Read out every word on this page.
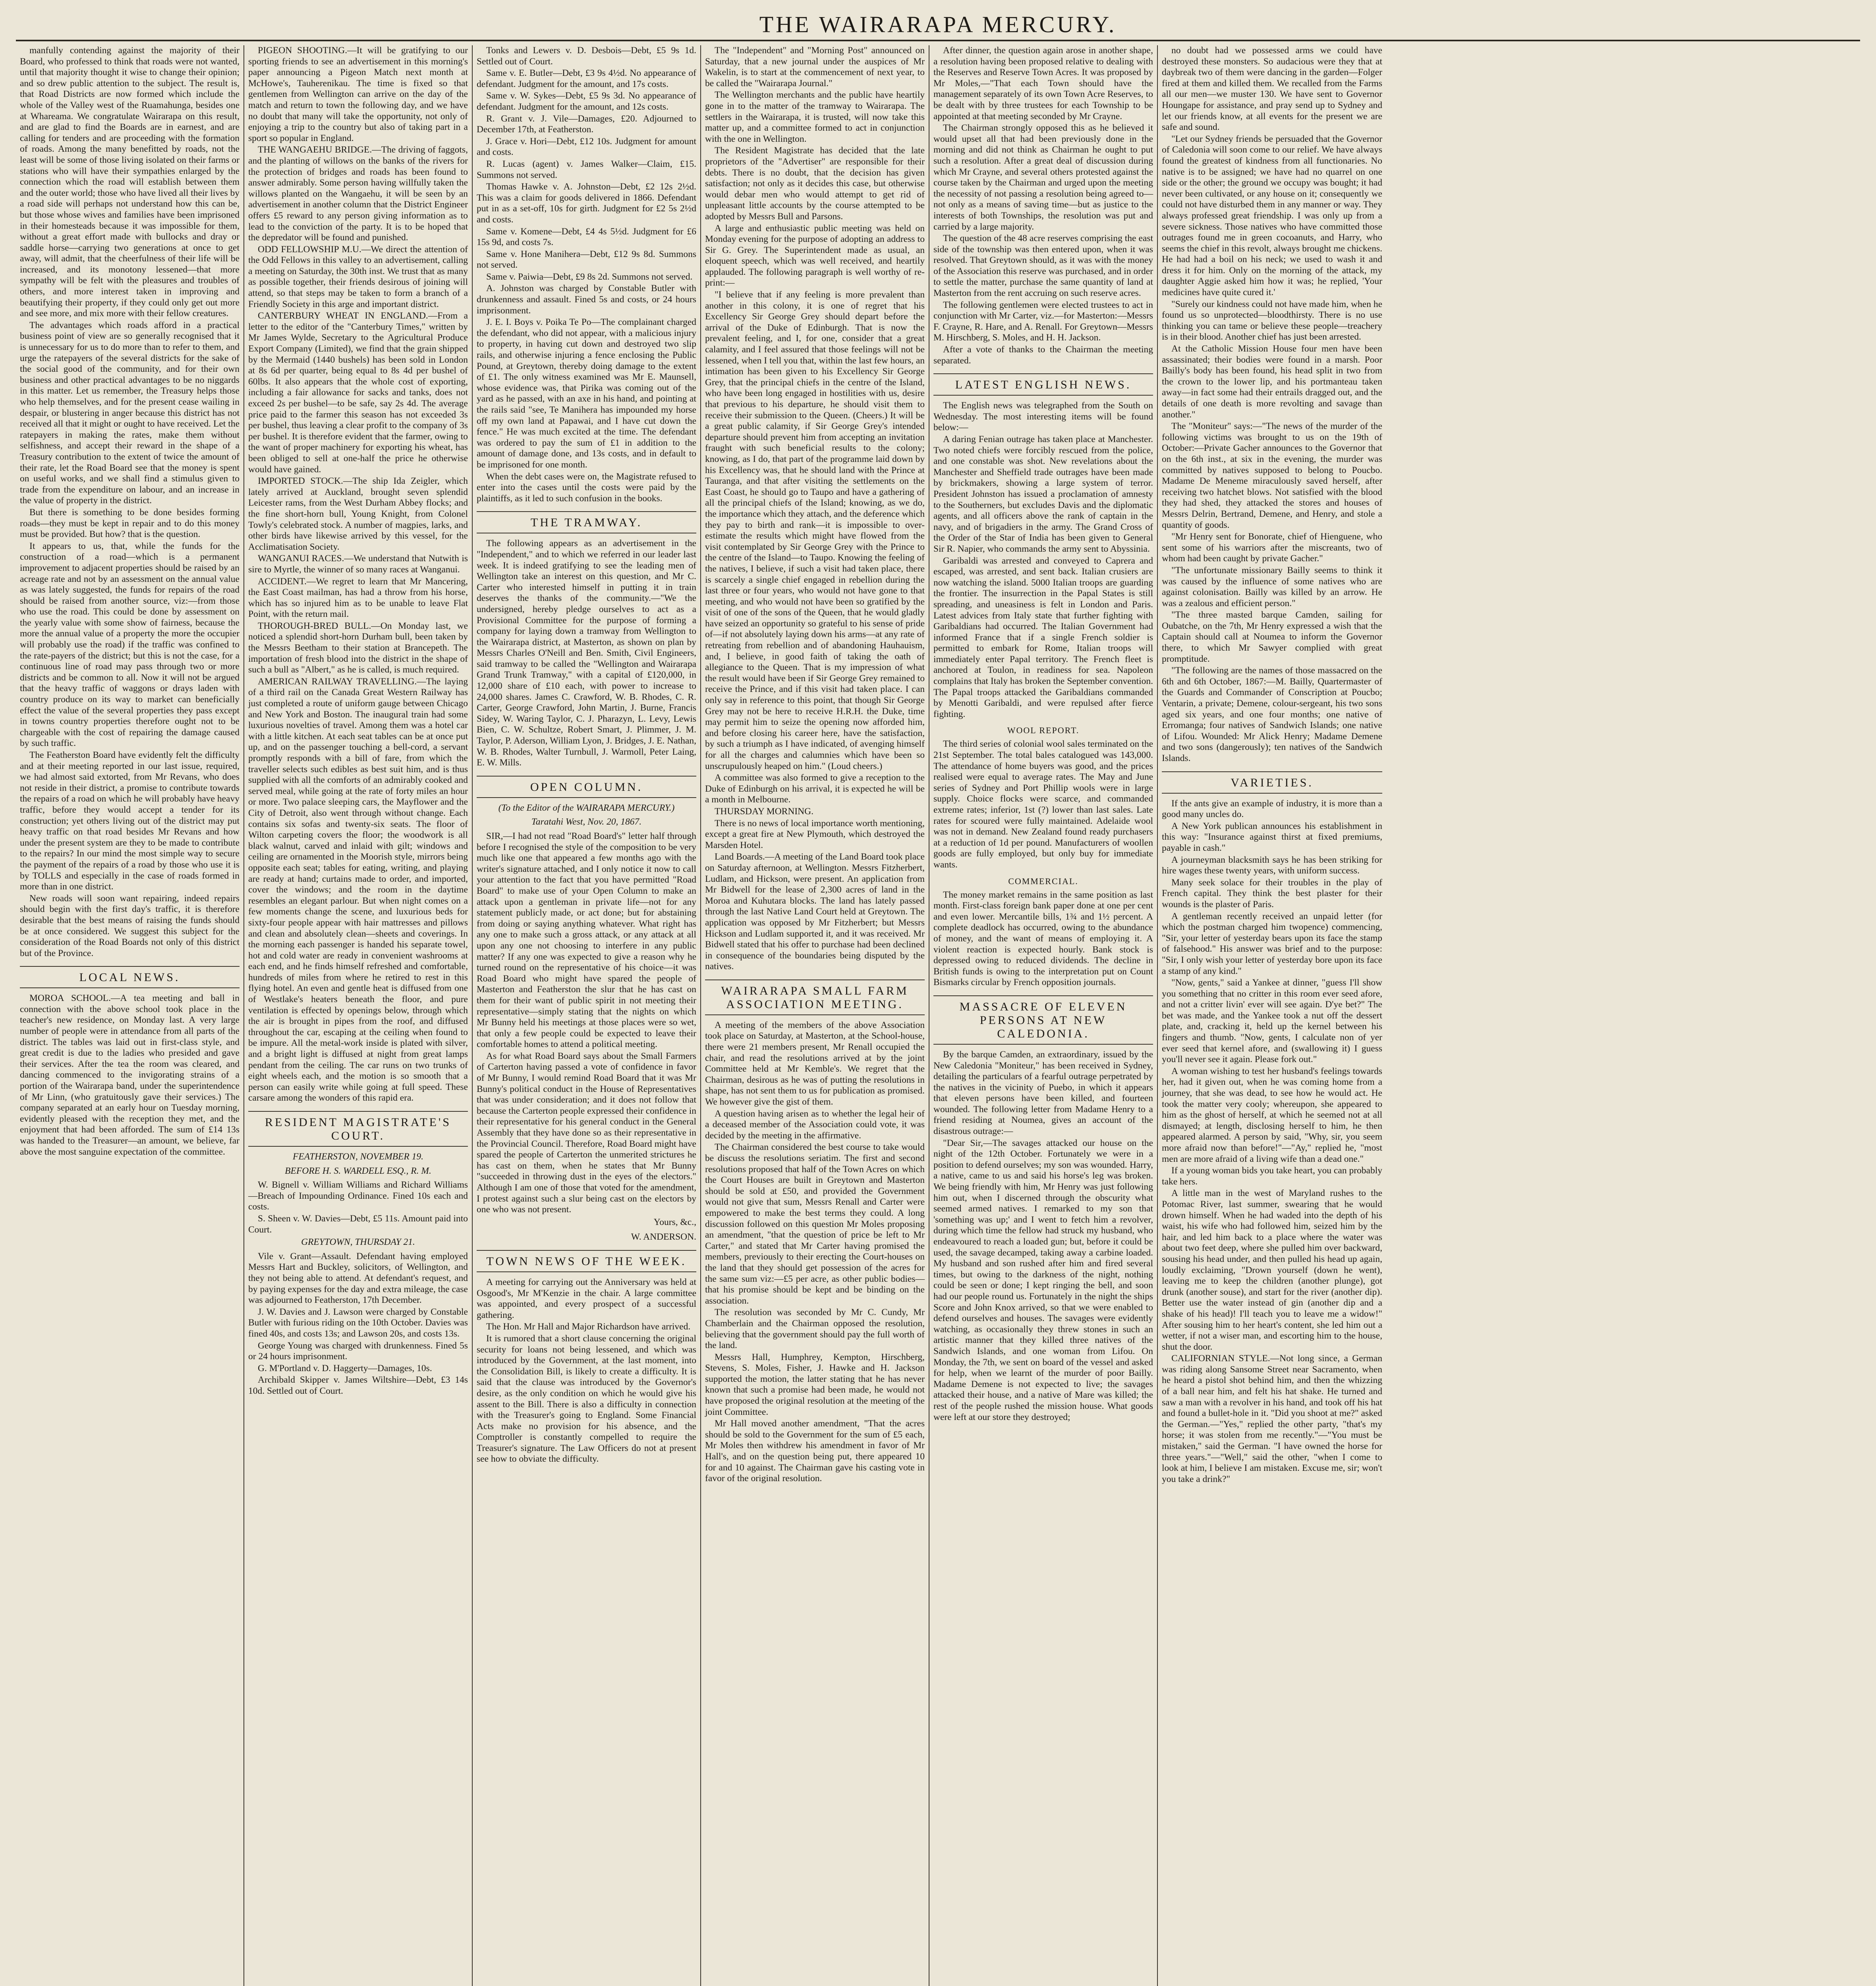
THE WAIRARAPA MERCURY.

manfully contending against the majority of their Board, who professed to think that roads were not wanted, until that majority thought it wise to change their opinion; and so drew public attention to the subject. The result is, that Road Districts are now formed which include the whole of the Valley west of the Ruamahunga, besides one at Whareama. We congratulate Wairarapa on this result, and are glad to find the Boards are in earnest, and are calling for tenders and are proceeding with the formation of roads. Among the many benefitted by roads, not the least will be some of those living isolated on their farms or stations who will have their sympathies enlarged by the connection which the road will establish between them and the outer world; those who have lived all their lives by a road side will perhaps not understand how this can be, but those whose wives and families have been imprisoned in their homesteads because it was impossible for them, without a great effort made with bullocks and dray or saddle horse—carrying two generations at once to get away, will admit, that the cheerfulness of their life will be increased, and its monotony lessened—that more sympathy will be felt with the pleasures and troubles of others, and more interest taken in improving and beautifying their property, if they could only get out more and see more, and mix more with their fellow creatures.

The advantages which roads afford in a practical business point of view are so generally recognised that it is unnecessary for us to do more than to refer to them, and urge the ratepayers of the several districts for the sake of the social good of the community, and for their own business and other practical advantages to be no niggards in this matter. Let us remember, the Treasury helps those who help themselves, and for the present cease wailing in despair, or blustering in anger because this district has not received all that it might or ought to have received. Let the ratepayers in making the rates, make them without selfishness, and accept their reward in the shape of a Treasury contribution to the extent of twice the amount of their rate, let the Road Board see that the money is spent on useful works, and we shall find a stimulus given to trade from the expenditure on labour, and an increase in the value of property in the district.

But there is something to be done besides forming roads—they must be kept in repair and to do this money must be provided. But how? that is the question.

It appears to us, that, while the funds for the construction of a road—which is a permanent improvement to adjacent properties should be raised by an acreage rate and not by an assessment on the annual value as was lately suggested, the funds for repairs of the road should be raised from another source, viz:—from those who use the road. This could be done by assessment on the yearly value with some show of fairness, because the more the annual value of a property the more the occupier will probably use the road) if the traffic was confined to the rate-payers of the district; but this is not the case, for a continuous line of road may pass through two or more districts and be common to all. Now it will not be argued that the heavy traffic of waggons or drays laden with country produce on its way to market can beneficially effect the value of the several properties they pass except in towns country properties therefore ought not to be chargeable with the cost of repairing the damage caused by such traffic.

The Featherston Board have evidently felt the difficulty and at their meeting reported in our last issue, required, we had almost said extorted, from Mr Revans, who does not reside in their district, a promise to contribute towards the repairs of a road on which he will probably have heavy traffic, before they would accept a tender for its construction; yet others living out of the district may put heavy traffic on that road besides Mr Revans and how under the present system are they to be made to contribute to the repairs? In our mind the most simple way to secure the payment of the repairs of a road by those who use it is by TOLLS and especially in the case of roads formed in more than in one district.

New roads will soon want repairing, indeed repairs should begin with the first day's traffic, it is therefore desirable that the best means of raising the funds should be at once considered. We suggest this subject for the consideration of the Road Boards not only of this district but of the Province.

LOCAL NEWS.

MOROA SCHOOL.—A tea meeting and ball in connection with the above school took place in the teacher's new residence, on Monday last. A very large number of people were in attendance from all parts of the district. The tables was laid out in first-class style, and great credit is due to the ladies who presided and gave their services. After the tea the room was cleared, and dancing commenced to the invigorating strains of a portion of the Wairarapa band, under the superintendence of Mr Linn, (who gratuitously gave their services.) The company separated at an early hour on Tuesday morning, evidently pleased with the reception they met, and the enjoyment that had been afforded. The sum of £14 13s was handed to the Treasurer—an amount, we believe, far above the most sanguine expectation of the committee.

PIGEON SHOOTING.—It will be gratifying to our sporting friends to see an advertisement in this morning's paper announcing a Pigeon Match next month at McHowe's, Tauherenikau. The time is fixed so that gentlemen from Wellington can arrive on the day of the match and return to town the following day, and we have no doubt that many will take the opportunity, not only of enjoying a trip to the country but also of taking part in a sport so popular in England.

THE WANGAEHU BRIDGE.—The driving of faggots, and the planting of willows on the banks of the rivers for the protection of bridges and roads has been found to answer admirably. Some person having willfully taken the willows planted on the Wangaehu, it will be seen by an advertisement in another column that the District Engineer offers £5 reward to any person giving information as to lead to the conviction of the party. It is to be hoped that the depredator will be found and punished.

ODD FELLOWSHIP M.U.—We direct the attention of the Odd Fellows in this valley to an advertisement, calling a meeting on Saturday, the 30th inst. We trust that as many as possible together, their friends desirous of joining will attend, so that steps may be taken to form a branch of a Friendly Society in this arge and important district.

CANTERBURY WHEAT IN ENGLAND.—From a letter to the editor of the "Canterbury Times," written by Mr James Wylde, Secretary to the Agricultural Produce Export Company (Limited), we find that the grain shipped by the Mermaid (1440 bushels) has been sold in London at 8s 6d per quarter, being equal to 8s 4d per bushel of 60lbs. It also appears that the whole cost of exporting, including a fair allowance for sacks and tanks, does not exceed 2s per bushel—to be safe, say 2s 4d. The average price paid to the farmer this season has not exceeded 3s per bushel, thus leaving a clear profit to the company of 3s per bushel. It is therefore evident that the farmer, owing to the want of proper machinery for exporting his wheat, has been obliged to sell at one-half the price he otherwise would have gained.

IMPORTED STOCK.—The ship Ida Zeigler, which lately arrived at Auckland, brought seven splendid Leicester rams, from the West Durham Abbey flocks; and the fine short-horn bull, Young Knight, from Colonel Towly's celebrated stock. A number of magpies, larks, and other birds have likewise arrived by this vessel, for the Acclimatisation Society.

WANGANUI RACES.—We understand that Nutwith is sire to Myrtle, the winner of so many races at Wanganui.

ACCIDENT.—We regret to learn that Mr Mancering, the East Coast mailman, has had a throw from his horse, which has so injured him as to be unable to leave Flat Point, with the return mail.

THOROUGH-BRED BULL.—On Monday last, we noticed a splendid short-horn Durham bull, been taken by the Messrs Beetham to their station at Brancepeth. The importation of fresh blood into the district in the shape of such a bull as "Albert," as he is called, is much required.

AMERICAN RAILWAY TRAVELLING.—The laying of a third rail on the Canada Great Western Railway has just completed a route of uniform gauge between Chicago and New York and Boston. The inaugural train had some luxurious novelties of travel. Among them was a hotel car with a little kitchen. At each seat tables can be at once put up, and on the passenger touching a bell-cord, a servant promptly responds with a bill of fare, from which the traveller selects such edibles as best suit him, and is thus supplied with all the comforts of an admirably cooked and served meal, while going at the rate of forty miles an hour or more. Two palace sleeping cars, the Mayflower and the City of Detroit, also went through without change. Each contains six sofas and twenty-six seats. The floor of Wilton carpeting covers the floor; the woodwork is all black walnut, carved and inlaid with gilt; windows and ceiling are ornamented in the Moorish style, mirrors being opposite each seat; tables for eating, writing, and playing are ready at hand; curtains made to order, and imported, cover the windows; and the room in the daytime resembles an elegant parlour. But when night comes on a few moments change the scene, and luxurious beds for sixty-four people appear with hair mattresses and pillows and clean and absolutely clean—sheets and coverings. In the morning each passenger is handed his separate towel, hot and cold water are ready in convenient washrooms at each end, and he finds himself refreshed and comfortable, hundreds of miles from where he retired to rest in this flying hotel. An even and gentle heat is diffused from one of Westlake's heaters beneath the floor, and pure ventilation is effected by openings below, through which the air is brought in pipes from the roof, and diffused throughout the car, escaping at the ceiling when found to be impure. All the metal-work inside is plated with silver, and a bright light is diffused at night from great lamps pendant from the ceiling. The car runs on two trunks of eight wheels each, and the motion is so smooth that a person can easily write while going at full speed. These carsare among the wonders of this rapid era.

RESIDENT MAGISTRATE'S COURT.

FEATHERSTON, NOVEMBER 19.

BEFORE H. S. WARDELL ESQ., R. M.

W. Bignell v. William Williams and Richard Williams—Breach of Impounding Ordinance. Fined 10s each and costs.

S. Sheen v. W. Davies—Debt, £5 11s. Amount paid into Court.

GREYTOWN, THURSDAY 21.

Vile v. Grant—Assault. Defendant having employed Messrs Hart and Buckley, solicitors, of Wellington, and they not being able to attend. At defendant's request, and by paying expenses for the day and extra mileage, the case was adjourned to Featherston, 17th December.

J. W. Davies and J. Lawson were charged by Constable Butler with furious riding on the 10th October. Davies was fined 40s, and costs 13s; and Lawson 20s, and costs 13s.

George Young was charged with drunkenness. Fined 5s or 24 hours imprisonment.

G. M'Portland v. D. Haggerty—Damages, 10s.

Archibald Skipper v. James Wiltshire—Debt, £3 14s 10d. Settled out of Court.

Tonks and Lewers v. D. Desbois—Debt, £5 9s 1d. Settled out of Court.

Same v. E. Butler—Debt, £3 9s 4½d. No appearance of defendant. Judgment for the amount, and 17s costs.

Same v. W. Sykes—Debt, £5 9s 3d. No appearance of defendant. Judgment for the amount, and 12s costs.

R. Grant v. J. Vile—Damages, £20. Adjourned to December 17th, at Featherston.

J. Grace v. Hori—Debt, £12 10s. Judgment for amount and costs.

R. Lucas (agent) v. James Walker—Claim, £15. Summons not served.

Thomas Hawke v. A. Johnston—Debt, £2 12s 2½d. This was a claim for goods delivered in 1866. Defendant put in as a set-off, 10s for girth. Judgment for £2 5s 2½d and costs.

Same v. Komene—Debt, £4 4s 5½d. Judgment for £6 15s 9d, and costs 7s.

Same v. Hone Manihera—Debt, £12 9s 8d. Summons not served.

Same v. Paiwia—Debt, £9 8s 2d. Summons not served.

A. Johnston was charged by Constable Butler with drunkenness and assault. Fined 5s and costs, or 24 hours imprisonment.

J. E. I. Boys v. Poika Te Po—The complainant charged the defendant, who did not appear, with a malicious injury to property, in having cut down and destroyed two slip rails, and otherwise injuring a fence enclosing the Public Pound, at Greytown, thereby doing damage to the extent of £1. The only witness examined was Mr E. Maunsell, whose evidence was, that Pirika was coming out of the yard as he passed, with an axe in his hand, and pointing at the rails said "see, Te Manihera has impounded my horse off my own land at Papawai, and I have cut down the fence." He was much excited at the time. The defendant was ordered to pay the sum of £1 in addition to the amount of damage done, and 13s costs, and in default to be imprisoned for one month.

When the debt cases were on, the Magistrate refused to enter into the cases until the costs were paid by the plaintiffs, as it led to such confusion in the books.

THE TRAMWAY.

The following appears as an advertisement in the "Independent," and to which we referred in our leader last week. It is indeed gratifying to see the leading men of Wellington take an interest on this question, and Mr C. Carter who interested himself in putting it in train deserves the thanks of the community.—"We the undersigned, hereby pledge ourselves to act as a Provisional Committee for the purpose of forming a company for laying down a tramway from Wellington to the Wairarapa district, at Masterton, as shown on plan by Messrs Charles O'Neill and Ben. Smith, Civil Engineers, said tramway to be called the "Wellington and Wairarapa Grand Trunk Tramway," with a capital of £120,000, in 12,000 share of £10 each, with power to increase to 24,000 shares. James C. Crawford, W. B. Rhodes, C. R. Carter, George Crawford, John Martin, J. Burne, Francis Sidey, W. Waring Taylor, C. J. Pharazyn, L. Levy, Lewis Bien, C. W. Schultze, Robert Smart, J. Plimmer, J. M. Taylor, P. Aderson, William Lyon, J. Bridges, J. E. Nathan, W. B. Rhodes, Walter Turnbull, J. Warmoll, Peter Laing, E. W. Mills.

OPEN COLUMN.

(To the Editor of the WAIRARAPA MERCURY.)

Taratahi West, Nov. 20, 1867.

SIR,—I had not read "Road Board's" letter half through before I recognised the style of the composition to be very much like one that appeared a few months ago with the writer's signature attached, and I only notice it now to call your attention to the fact that you have permitted "Road Board" to make use of your Open Column to make an attack upon a gentleman in private life—not for any statement publicly made, or act done; but for abstaining from doing or saying anything whatever. What right has any one to make such a gross attack, or any attack at all upon any one not choosing to interfere in any public matter? If any one was expected to give a reason why he turned round on the representative of his choice—it was Road Board who might have spared the people of Masterton and Featherston the slur that he has cast on them for their want of public spirit in not meeting their representative—simply stating that the nights on which Mr Bunny held his meetings at those places were so wet, that only a few people could be expected to leave their comfortable homes to attend a political meeting.

As for what Road Board says about the Small Farmers of Carterton having passed a vote of confidence in favor of Mr Bunny, I would remind Road Board that it was Mr Bunny's political conduct in the House of Representatives that was under consideration; and it does not follow that because the Carterton people expressed their confidence in their representative for his general conduct in the General Assembly that they have done so as their representative in the Provincial Council. Therefore, Road Board might have spared the people of Carterton the unmerited strictures he has cast on them, when he states that Mr Bunny "succeeded in throwing dust in the eyes of the electors." Although I am one of those that voted for the amendment, I protest against such a slur being cast on the electors by one who was not present.

Yours, &c.,

W. ANDERSON.

TOWN NEWS OF THE WEEK.

A meeting for carrying out the Anniversary was held at Osgood's, Mr M'Kenzie in the chair. A large committee was appointed, and every prospect of a successful gathering.

The Hon. Mr Hall and Major Richardson have arrived.

It is rumored that a short clause concerning the original security for loans not being lessened, and which was introduced by the Government, at the last moment, into the Consolidation Bill, is likely to create a difficulty. It is said that the clause was introduced by the Governor's desire, as the only condition on which he would give his assent to the Bill. There is also a difficulty in connection with the Treasurer's going to England. Some Financial Acts make no provision for his absence, and the Comptroller is constantly compelled to require the Treasurer's signature. The Law Officers do not at present see how to obviate the difficulty.

The "Independent" and "Morning Post" announced on Saturday, that a new journal under the auspices of Mr Wakelin, is to start at the commencement of next year, to be called the "Wairarapa Journal."

The Wellington merchants and the public have heartily gone in to the matter of the tramway to Wairarapa. The settlers in the Wairarapa, it is trusted, will now take this matter up, and a committee formed to act in conjunction with the one in Wellington.

The Resident Magistrate has decided that the late proprietors of the "Advertiser" are responsible for their debts. There is no doubt, that the decision has given satisfaction; not only as it decides this case, but otherwise would debar men who would attempt to get rid of unpleasant little accounts by the course attempted to be adopted by Messrs Bull and Parsons.

A large and enthusiastic public meeting was held on Monday evening for the purpose of adopting an address to Sir G. Grey. The Superintendent made as usual, an eloquent speech, which was well received, and heartily applauded. The following paragraph is well worthy of re-print:—

"I believe that if any feeling is more prevalent than another in this colony, it is one of regret that his Excellency Sir George Grey should depart before the arrival of the Duke of Edinburgh. That is now the prevalent feeling, and I, for one, consider that a great calamity, and I feel assured that those feelings will not be lessened, when I tell you that, within the last few hours, an intimation has been given to his Excellency Sir George Grey, that the principal chiefs in the centre of the Island, who have been long engaged in hostilities with us, desire that previous to his departure, he should visit them to receive their submission to the Queen. (Cheers.) It will be a great public calamity, if Sir George Grey's intended departure should prevent him from accepting an invitation fraught with such beneficial results to the colony; knowing, as I do, that part of the programme laid down by his Excellency was, that he should land with the Prince at Tauranga, and that after visiting the settlements on the East Coast, he should go to Taupo and have a gathering of all the principal chiefs of the Island; knowing, as we do, the importance which they attach, and the deference which they pay to birth and rank—it is impossible to over-estimate the results which might have flowed from the visit contemplated by Sir George Grey with the Prince to the centre of the Island—to Taupo. Knowing the feeling of the natives, I believe, if such a visit had taken place, there is scarcely a single chief engaged in rebellion during the last three or four years, who would not have gone to that meeting, and who would not have been so gratified by the visit of one of the sons of the Queen, that he would gladly have seized an opportunity so grateful to his sense of pride of—if not absolutely laying down his arms—at any rate of retreating from rebellion and of abandoning Hauhauism, and, I believe, in good faith of taking the oath of allegiance to the Queen. That is my impression of what the result would have been if Sir George Grey remained to receive the Prince, and if this visit had taken place. I can only say in reference to this point, that though Sir George Grey may not be here to receive H.R.H. the Duke, time may permit him to seize the opening now afforded him, and before closing his career here, have the satisfaction, by such a triumph as I have indicated, of avenging himself for all the charges and calumnies which have been so unscrupulously heaped on him." (Loud cheers.)

A committee was also formed to give a reception to the Duke of Edinburgh on his arrival, it is expected he will be a month in Melbourne.

THURSDAY MORNING.

There is no news of local importance worth mentioning, except a great fire at New Plymouth, which destroyed the Marsden Hotel.

Land Boards.—A meeting of the Land Board took place on Saturday afternoon, at Wellington. Messrs Fitzherbert, Ludlam, and Hickson, were present. An application from Mr Bidwell for the lease of 2,300 acres of land in the Moroa and Kuhutara blocks. The land has lately passed through the last Native Land Court held at Greytown. The application was opposed by Mr Fitzherbert; but Messrs Hickson and Ludlam supported it, and it was received. Mr Bidwell stated that his offer to purchase had been declined in consequence of the boundaries being disputed by the natives.

WAIRARAPA SMALL FARM ASSOCIATION MEETING.

A meeting of the members of the above Association took place on Saturday, at Masterton, at the School-house, there were 21 members present, Mr Renall occupied the chair, and read the resolutions arrived at by the joint Committee held at Mr Kemble's. We regret that the Chairman, desirous as he was of putting the resolutions in shape, has not sent them to us for publication as promised. We however give the gist of them.

A question having arisen as to whether the legal heir of a deceased member of the Association could vote, it was decided by the meeting in the affirmative.

The Chairman considered the best course to take would be discuss the resolutions seriatim. The first and second resolutions proposed that half of the Town Acres on which the Court Houses are built in Greytown and Masterton should be sold at £50, and provided the Government would not give that sum, Messrs Renall and Carter were empowered to make the best terms they could. A long discussion followed on this question Mr Moles proposing an amendment, "that the question of price be left to Mr Carter," and stated that Mr Carter having promised the members, previously to their erecting the Court-houses on the land that they should get possession of the acres for the same sum viz:—£5 per acre, as other public bodies—that his promise should be kept and be binding on the association.

The resolution was seconded by Mr C. Cundy, Mr Chamberlain and the Chairman opposed the resolution, believing that the government should pay the full worth of the land.

Messrs Hall, Humphrey, Kempton, Hirschberg, Stevens, S. Moles, Fisher, J. Hawke and H. Jackson supported the motion, the latter stating that he has never known that such a promise had been made, he would not have proposed the original resolution at the meeting of the joint Committee.

Mr Hall moved another amendment, "That the acres should be sold to the Government for the sum of £5 each, Mr Moles then withdrew his amendment in favor of Mr Hall's, and on the question being put, there appeared 10 for and 10 against. The Chairman gave his casting vote in favor of the original resolution.

After dinner, the question again arose in another shape, a resolution having been proposed relative to dealing with the Reserves and Reserve Town Acres. It was proposed by Mr Moles,—"That each Town should have the management separately of its own Town Acre Reserves, to be dealt with by three trustees for each Township to be appointed at that meeting seconded by Mr Crayne.

The Chairman strongly opposed this as he believed it would upset all that had been previously done in the morning and did not think as Chairman he ought to put such a resolution. After a great deal of discussion during which Mr Crayne, and several others protested against the course taken by the Chairman and urged upon the meeting the necessity of not passing a resolution being agreed to—not only as a means of saving time—but as justice to the interests of both Townships, the resolution was put and carried by a large majority.

The question of the 48 acre reserves comprising the east side of the township was then entered upon, when it was resolved. That Greytown should, as it was with the money of the Association this reserve was purchased, and in order to settle the matter, purchase the same quantity of land at Masterton from the rent accruing on such reserve acres.

The following gentlemen were elected trustees to act in conjunction with Mr Carter, viz.—for Masterton:—Messrs F. Crayne, R. Hare, and A. Renall. For Greytown—Messrs M. Hirschberg, S. Moles, and H. H. Jackson.

After a vote of thanks to the Chairman the meeting separated.

LATEST ENGLISH NEWS.

The English news was telegraphed from the South on Wednesday. The most interesting items will be found below:—

A daring Fenian outrage has taken place at Manchester. Two noted chiefs were forcibly rescued from the police, and one constable was shot. New revelations about the Manchester and Sheffield trade outrages have been made by brickmakers, showing a large system of terror. President Johnston has issued a proclamation of amnesty to the Southerners, but excludes Davis and the diplomatic agents, and all officers above the rank of captain in the navy, and of brigadiers in the army. The Grand Cross of the Order of the Star of India has been given to General Sir R. Napier, who commands the army sent to Abyssinia.

Garibaldi was arrested and conveyed to Caprera and escaped, was arrested, and sent back. Italian crusiers are now watching the island. 5000 Italian troops are guarding the frontier. The insurrection in the Papal States is still spreading, and uneasiness is felt in London and Paris. Latest advices from Italy state that further fighting with Garibaldians had occurred. The Italian Government had informed France that if a single French soldier is permitted to embark for Rome, Italian troops will immediately enter Papal territory. The French fleet is anchored at Toulon, in readiness for sea. Napoleon complains that Italy has broken the September convention. The Papal troops attacked the Garibaldians commanded by Menotti Garibaldi, and were repulsed after fierce fighting.

WOOL REPORT.

The third series of colonial wool sales terminated on the 21st September. The total bales catalogued was 143,000. The attendance of home buyers was good, and the prices realised were equal to average rates. The May and June series of Sydney and Port Phillip wools were in large supply. Choice flocks were scarce, and commanded extreme rates; inferior, 1st (?) lower than last sales. Late rates for scoured were fully maintained. Adelaide wool was not in demand. New Zealand found ready purchasers at a reduction of 1d per pound. Manufacturers of woollen goods are fully employed, but only buy for immediate wants.

COMMERCIAL.

The money market remains in the same position as last month. First-class foreign bank paper done at one per cent and even lower. Mercantile bills, 1¾ and 1½ percent. A complete deadlock has occurred, owing to the abundance of money, and the want of means of employing it. A violent reaction is expected hourly. Bank stock is depressed owing to reduced dividends. The decline in British funds is owing to the interpretation put on Count Bismarks circular by French opposition journals.

MASSACRE OF ELEVEN PERSONS AT NEW CALEDONIA.

By the barque Camden, an extraordinary, issued by the New Caledonia "Moniteur," has been received in Sydney, detailing the particulars of a fearful outrage perpetrated by the natives in the vicinity of Puebo, in which it appears that eleven persons have been killed, and fourteen wounded. The following letter from Madame Henry to a friend residing at Noumea, gives an account of the disastrous outrage:—

"Dear Sir,—The savages attacked our house on the night of the 12th October. Fortunately we were in a position to defend ourselves; my son was wounded. Harry, a native, came to us and said his horse's leg was broken. We being friendly with him, Mr Henry was just following him out, when I discerned through the obscurity what seemed armed natives. I remarked to my son that 'something was up;' and I went to fetch him a revolver, during which time the fellow had struck my husband, who endeavoured to reach a loaded gun; but, before it could be used, the savage decamped, taking away a carbine loaded. My husband and son rushed after him and fired several times, but owing to the darkness of the night, nothing could be seen or done; I kept ringing the bell, and soon had our people round us. Fortunately in the night the ships Score and John Knox arrived, so that we were enabled to defend ourselves and houses. The savages were evidently watching, as occasionally they threw stones in such an artistic manner that they killed three natives of the Sandwich Islands, and one woman from Lifou. On Monday, the 7th, we sent on board of the vessel and asked for help, when we learnt of the murder of poor Bailly. Madame Demene is not expected to live; the savages attacked their house, and a native of Mare was killed; the rest of the people rushed the mission house. What goods were left at our store they destroyed;

no doubt had we possessed arms we could have destroyed these monsters. So audacious were they that at daybreak two of them were dancing in the garden—Folger fired at them and killed them. We recalled from the Farms all our men—we muster 130. We have sent to Governor Houngape for assistance, and pray send up to Sydney and let our friends know, at all events for the present we are safe and sound.

"Let our Sydney friends be persuaded that the Governor of Caledonia will soon come to our relief. We have always found the greatest of kindness from all functionaries. No native is to be assigned; we have had no quarrel on one side or the other; the ground we occupy was bought; it had never been cultivated, or any house on it; consequently we could not have disturbed them in any manner or way. They always professed great friendship. I was only up from a severe sickness. Those natives who have committed those outrages found me in green cocoanuts, and Harry, who seems the chief in this revolt, always brought me chickens. He had had a boil on his neck; we used to wash it and dress it for him. Only on the morning of the attack, my daughter Aggie asked him how it was; he replied, 'Your medicines have quite cured it.'

"Surely our kindness could not have made him, when he found us so unprotected—bloodthirsty. There is no use thinking you can tame or believe these people—treachery is in their blood. Another chief has just been arrested.

At the Catholic Mission House four men have been assassinated; their bodies were found in a marsh. Poor Bailly's body has been found, his head split in two from the crown to the lower lip, and his portmanteau taken away—in fact some had their entrails dragged out, and the details of one death is more revolting and savage than another."

The "Moniteur" says:—"The news of the murder of the following victims was brought to us on the 19th of October:—Private Gacher announces to the Governor that on the 6th inst., at six in the evening, the murder was committed by natives supposed to belong to Poucbo. Madame De Meneme miraculously saved herself, after receiving two hatchet blows. Not satisfied with the blood they had shed, they attacked the stores and houses of Messrs Delrin, Bertrand, Demene, and Henry, and stole a quantity of goods.

"Mr Henry sent for Bonorate, chief of Hienguene, who sent some of his warriors after the miscreants, two of whom had been caught by private Gacher."

"The unfortunate missionary Bailly seems to think it was caused by the influence of some natives who are against colonisation. Bailly was killed by an arrow. He was a zealous and efficient person."

"The three masted barque Camden, sailing for Oubatche, on the 7th, Mr Henry expressed a wish that the Captain should call at Noumea to inform the Governor there, to which Mr Sawyer complied with great promptitude.

"The following are the names of those massacred on the 6th and 6th October, 1867:—M. Bailly, Quartermaster of the Guards and Commander of Conscription at Poucbo; Ventarin, a private; Demene, colour-sergeant, his two sons aged six years, and one four months; one native of Erromanga; four natives of Sandwich Islands; one native of Lifou. Wounded: Mr Alick Henry; Madame Demene and two sons (dangerously); ten natives of the Sandwich Islands.

VARIETIES.

If the ants give an example of industry, it is more than a good many uncles do.

A New York publican announces his establishment in this way: "Insurance against thirst at fixed premiums, payable in cash."

A journeyman blacksmith says he has been striking for hire wages these twenty years, with uniform success.

Many seek solace for their troubles in the play of French capital. They think the best plaster for their wounds is the plaster of Paris.

A gentleman recently received an unpaid letter (for which the postman charged him twopence) commencing, "Sir, your letter of yesterday bears upon its face the stamp of falsehood." His answer was brief and to the purpose: "Sir, I only wish your letter of yesterday bore upon its face a stamp of any kind."

"Now, gents," said a Yankee at dinner, "guess I'll show you something that no critter in this room ever seed afore, and not a critter livin' ever will see again. D'ye bet?" The bet was made, and the Yankee took a nut off the dessert plate, and, cracking it, held up the kernel between his fingers and thumb. "Now, gents, I calculate non of yer ever seed that kernel afore, and (swallowing it) I guess you'll never see it again. Please fork out."

A woman wishing to test her husband's feelings towards her, had it given out, when he was coming home from a journey, that she was dead, to see how he would act. He took the matter very cooly; whereupon, she appeared to him as the ghost of herself, at which he seemed not at all dismayed; at length, disclosing herself to him, he then appeared alarmed. A person by said, "Why, sir, you seem more afraid now than before!"—"Ay," replied he, "most men are more afraid of a living wife than a dead one."

If a young woman bids you take heart, you can probably take hers.

A little man in the west of Maryland rushes to the Potomac River, last summer, swearing that he would drown himself. When he had waded into the depth of his waist, his wife who had followed him, seized him by the hair, and led him back to a place where the water was about two feet deep, where she pulled him over backward, sousing his head under, and then pulled his head up again, loudly exclaiming, "Drown yourself (down he went), leaving me to keep the children (another plunge), got drunk (another souse), and start for the river (another dip). Better use the water instead of gin (another dip and a shake of his head)! I'll teach you to leave me a widow!" After sousing him to her heart's content, she led him out a wetter, if not a wiser man, and escorting him to the house, shut the door.

CALIFORNIAN STYLE.—Not long since, a German was riding along Sansome Street near Sacramento, when he heard a pistol shot behind him, and then the whizzing of a ball near him, and felt his hat shake. He turned and saw a man with a revolver in his hand, and took off his hat and found a bullet-hole in it. "Did you shoot at me?" asked the German.—"Yes," replied the other party, "that's my horse; it was stolen from me recently."—"You must be mistaken," said the German. "I have owned the horse for three years."—"Well," said the other, "when I come to look at him, I believe I am mistaken. Excuse me, sir; won't you take a drink?"
